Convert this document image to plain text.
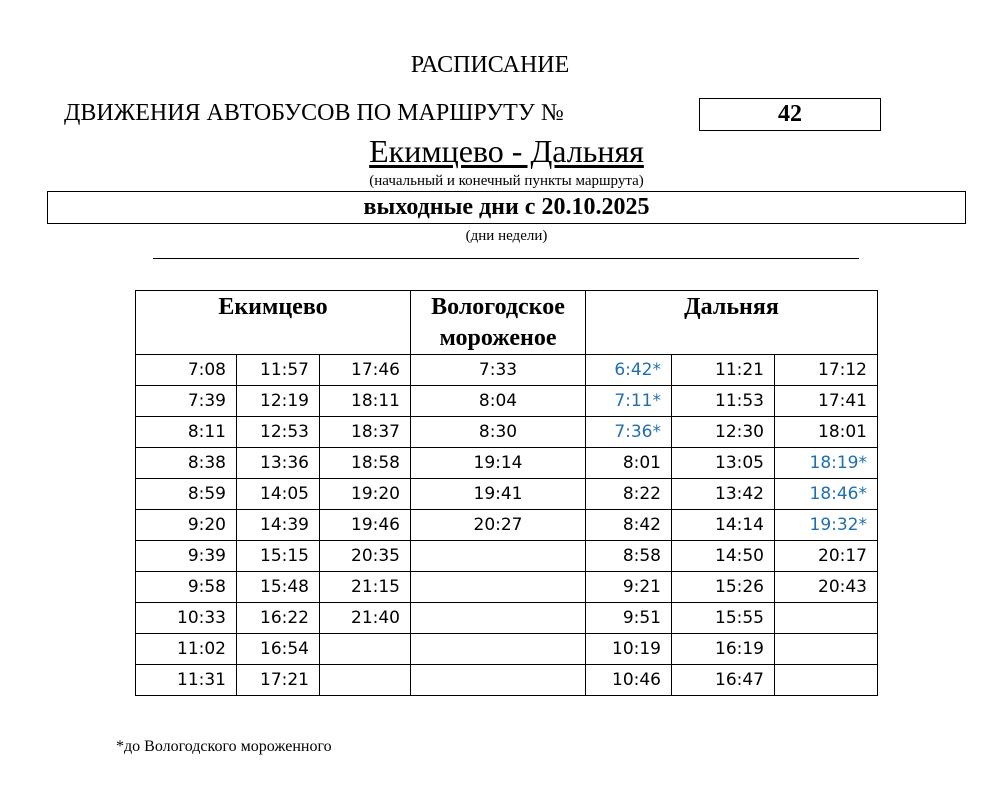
РАСПИСАНИЕ
ДВИЖЕНИЯ АВТОБУСОВ ПО МАРШРУТУ №	42
Екимцево - Дальняя
(начальный и конечный пункты маршрута)
выходные дни с 20.10.2025
(дни недели)
Екимцево			Вологодское мороженое	Дальняя		
7:08	11:57	17:46	7:33	6:42*	11:21	17:12
7:39	12:19	18:11	8:04	7:11*	11:53	17:41
8:11	12:53	18:37	8:30	7:36*	12:30	18:01
8:38	13:36	18:58	19:14	8:01	13:05	18:19*
8:59	14:05	19:20	19:41	8:22	13:42	18:46*
9:20	14:39	19:46	20:27	8:42	14:14	19:32*
9:39	15:15	20:35		8:58	14:50	20:17
9:58	15:48	21:15		9:21	15:26	20:43
10:33	16:22	21:40		9:51	15:55	
11:02	16:54			10:19	16:19	
11:31	17:21			10:46	16:47	
*до Вологодского мороженного
